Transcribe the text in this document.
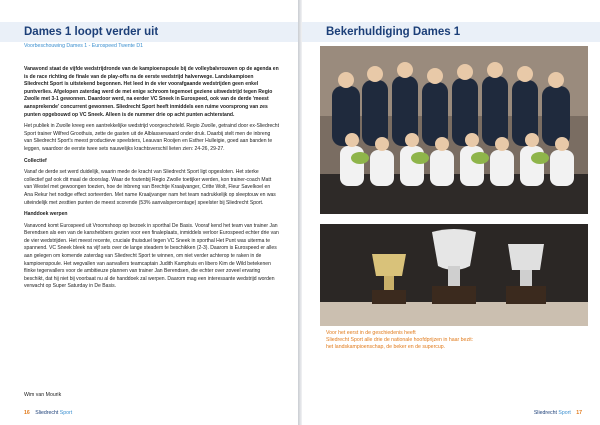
Dames 1 loopt verder uit
Voorbeschouwing Dames 1 - Eurospeed Twente D1

Vanavond staat de vijfde wedstrijdronde van de kampioenspoule bij de volleybalvrouwen op de agenda en is de race richting de finale van de play-offs na de eerste wedstrijd halverwege. Landskampioen Sliedrecht Sport is uitstekend begonnen. Het leed in de vier voorafgaande wedstrijden geen enkel puntverlies. Afgelopen zaterdag werd de met enige schroom tegemoet geziene uitwedstrijd tegen Regio Zwolle met 3-1 gewonnen. Daardoor werd, na eerder VC Sneek in Eurospeed, ook van de derde 'meest aansprekende' concurrent gewonnen. Sliedrecht Sport heeft inmiddels een ruime voorsprong van zes punten opgebouwd op VC Sneek. Alleen is de nummer drie op acht punten achterstand.

Het publiek in Zwolle kreeg een aantrekkelijke wedstrijd voorgeschoteld. Regio Zwolle, getraind door ex-Sliedrecht Sport trainer Wilfred Groothuis, zette de gasten uit de Alblasserwaard onder druk. Daarbij stelt men de inbreng van Sliedrecht Sport's meest productieve speelsters, Leauvan Rooijen en Esther Hulleigie, goed aan banden te leggen, waardoor de eerste twee sets nauwelijks krachtsverschil lieten zien: 24-26, 29-27.

Collectief

Vanaf de derde set werd duidelijk, waarin mede de kracht van Sliedrecht Sport ligt opgesloten. Het sterke collectief gaf ook dit maal de doorslag. Waar de foutenbij Regio Zwolle toetijker werden, kon trainer-coach Matt van Westel met gewoongen toezien, hoe de inbreng van Brechtje Kraaijvanger, Critte Wolt, Fleur Savelkoel en Ana Rekur het nodige effect sorteerden. Met name Kraaijvanger nam het team nadrukkelijk op sleeptouw en was uiteindelijk met zesttien punten de meest scorende (53% aanvalspercentage) speelster bij Sliedrecht Sport.

Handdoek werpen

Vanavond komt Eurospeed uit Vroomshoop op bezoek in sporthal De Basis. Vooraf kend het team van trainer Jan Berendsen als een van de kanshebbers gezien voor een finaleplaats, inmiddels verloor Eurospeed echter drie van de vier wedstrijden. Het meest recente, cruciale thuisduel tegen VC Sneek in sporthal Het Punt was uiterma te spannend. VC Sneek bleek na vijf sets over de lange steadem te beschikken (2-3). Daarom is Eurospeed er alles aan gelegen om komende zaterdag van Sliedrecht Sport te winnen, om niet verder achterop te raken in de kampioenspoule. Het wegvallen van aanvallers teamcaptain Judith Kamphuis en libero Kim de Wild betekenen flinke tegenvallers voor de ambitieuze plannen van trainer Jan Berendsen, die echter over zoveel ervaring beschikt, dat hij niet bij voorbaat nu al de handdoek zal werpen. Daarom mag een interessante wedstrijd worden verwacht op Super Saturday in De Basis.

Wim van Mourik
16 Sliedrecht Sport
Bekerhuldiging Dames 1
Voor het eerst in de geschiedenis heeft
Sliedrecht Sport alle drie de nationale hoofdprijzen in haar bezit:
het landskampioenschap, de beker en de supercup.
Sliedrecht Sport 17
